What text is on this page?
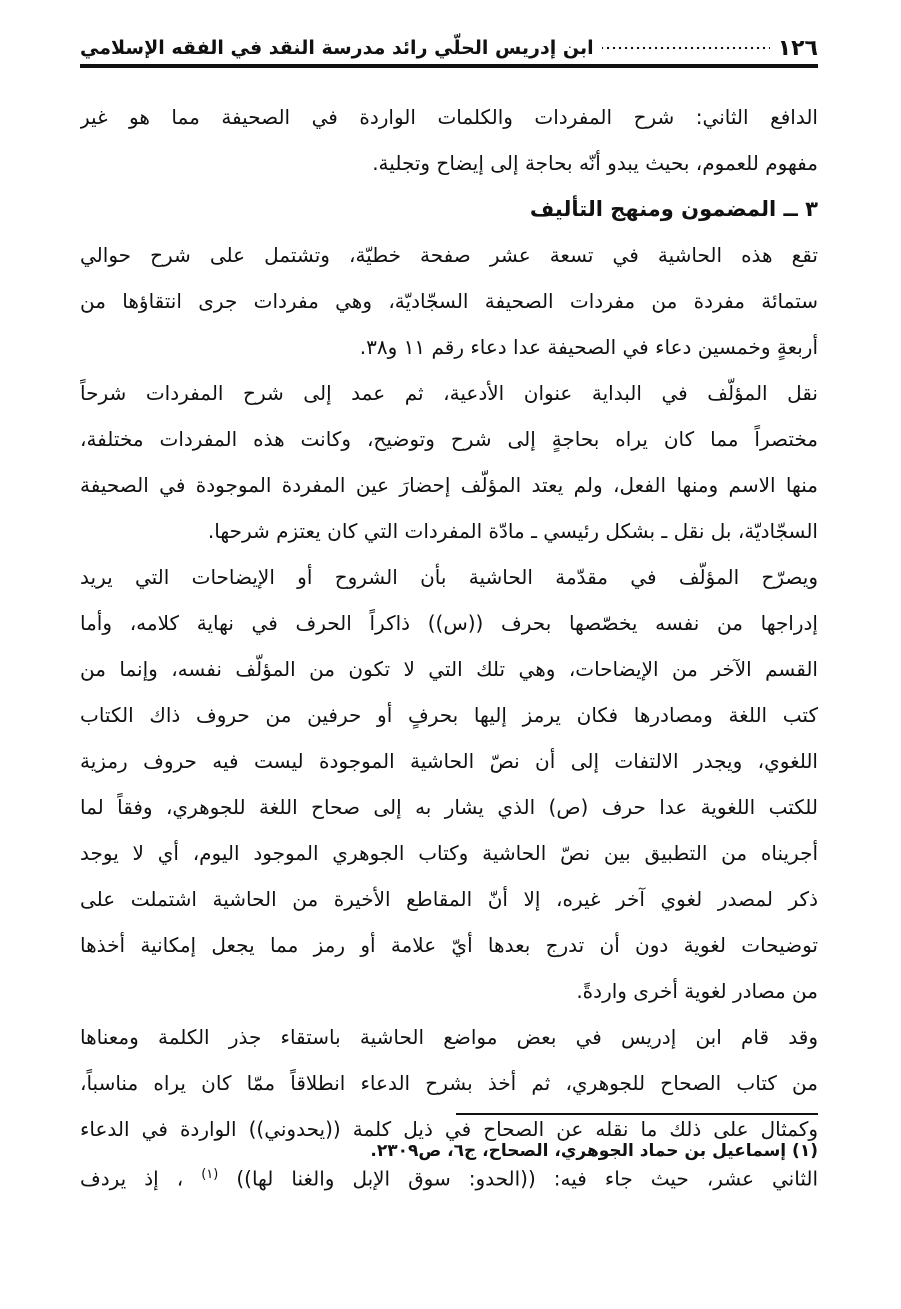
١٢٦
ابن إدريس الحلّي رائد مدرسة النقد في الفقه الإسلامي
الدافع الثاني: شرح المفردات والكلمات الواردة في الصحيفة مما هو غير
مفهوم للعموم، بحيث يبدو أنّه بحاجة إلى إيضاح وتجلية.
٣ ــ المضمون ومنهج التأليف
تقع هذه الحاشية في تسعة عشر صفحة خطيّة، وتشتمل على شرح حوالي
ستمائة مفردة من مفردات الصحيفة السجّاديّة، وهي مفردات جرى انتقاؤها من
أربعةٍ وخمسين دعاء في الصحيفة عدا دعاء رقم ١١ و٣٨.
نقل المؤلّف في البداية عنوان الأدعية، ثم عمد إلى شرح المفردات شرحاً
مختصراً مما كان يراه بحاجةٍ إلى شرح وتوضيح، وكانت هذه المفردات مختلفة،
منها الاسم ومنها الفعل، ولم يعتد المؤلّف إحضارَ عين المفردة الموجودة في الصحيفة
السجّاديّة، بل نقل ـ بشكل رئيسي ـ مادّة المفردات التي كان يعتزم شرحها.
ويصرّح المؤلّف في مقدّمة الحاشية بأن الشروح أو الإيضاحات التي يريد
إدراجها من نفسه يخصّصها بحرف ((س)) ذاكراً الحرف في نهاية كلامه، وأما
القسم الآخر من الإيضاحات، وهي تلك التي لا تكون من المؤلّف نفسه، وإنما من
كتب اللغة ومصادرها فكان يرمز إليها بحرفٍ أو حرفين من حروف ذاك الكتاب
اللغوي، ويجدر الالتفات إلى أن نصّ الحاشية الموجودة ليست فيه حروف رمزية
للكتب اللغوية عدا حرف (ص) الذي يشار به إلى صحاح اللغة للجوهري، وفقاً لما
أجريناه من التطبيق بين نصّ الحاشية وكتاب الجوهري الموجود اليوم، أي لا يوجد
ذكر لمصدر لغوي آخر غيره، إلا أنّ المقاطع الأخيرة من الحاشية اشتملت على
توضيحات لغوية دون أن تدرج بعدها أيّ علامة أو رمز مما يجعل إمكانية أخذها
من مصادر لغوية أخرى واردةً.
وقد قام ابن إدريس في بعض مواضع الحاشية باستقاء جذر الكلمة ومعناها
من كتاب الصحاح للجوهري، ثم أخذ بشرح الدعاء انطلاقاً ممّا كان يراه مناسباً،
وكمثال على ذلك ما نقله عن الصحاح في ذيل كلمة ((يحدوني)) الواردة في الدعاء
الثاني عشر، حيث جاء فيه: ((الحدو: سوق الإبل والغنا لها)) $^{(١)}$ ، إذ يردف
(١) إسماعيل بن حماد الجوهري، الصحاح، ج٦، ص٢٣٠٩.
